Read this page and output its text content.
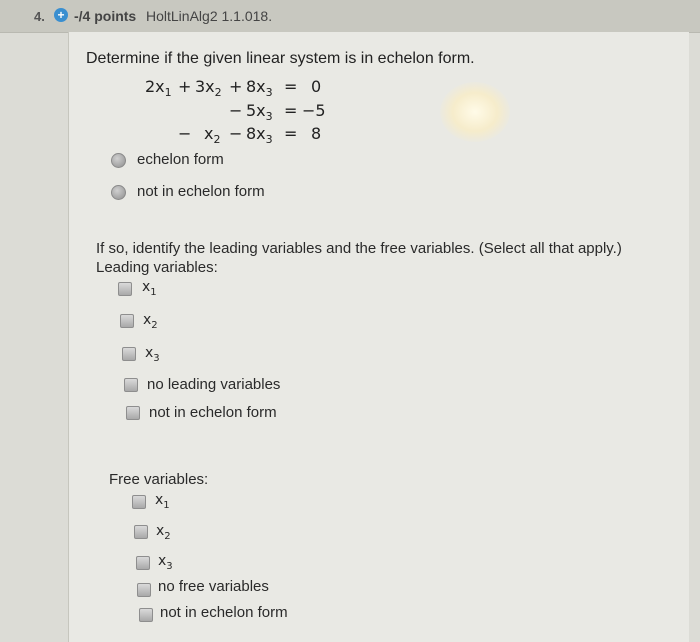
4. + -/4 points HoltLinAlg2 1.1.018.
Determine if the given linear system is in echelon form.
$2x_1 + 3x_2 + 8x_3 = 0$
− $5x_3 = -5$
− $x_2 - 8x_3 = 8$
echelon form
not in echelon form
If so, identify the leading variables and the free variables. (Select all that apply.)
Leading variables:
$x_1$
$x_2$
$x_3$
no leading variables
not in echelon form
Free variables:
$x_1$
$x_2$
$x_3$
no free variables
not in echelon form
